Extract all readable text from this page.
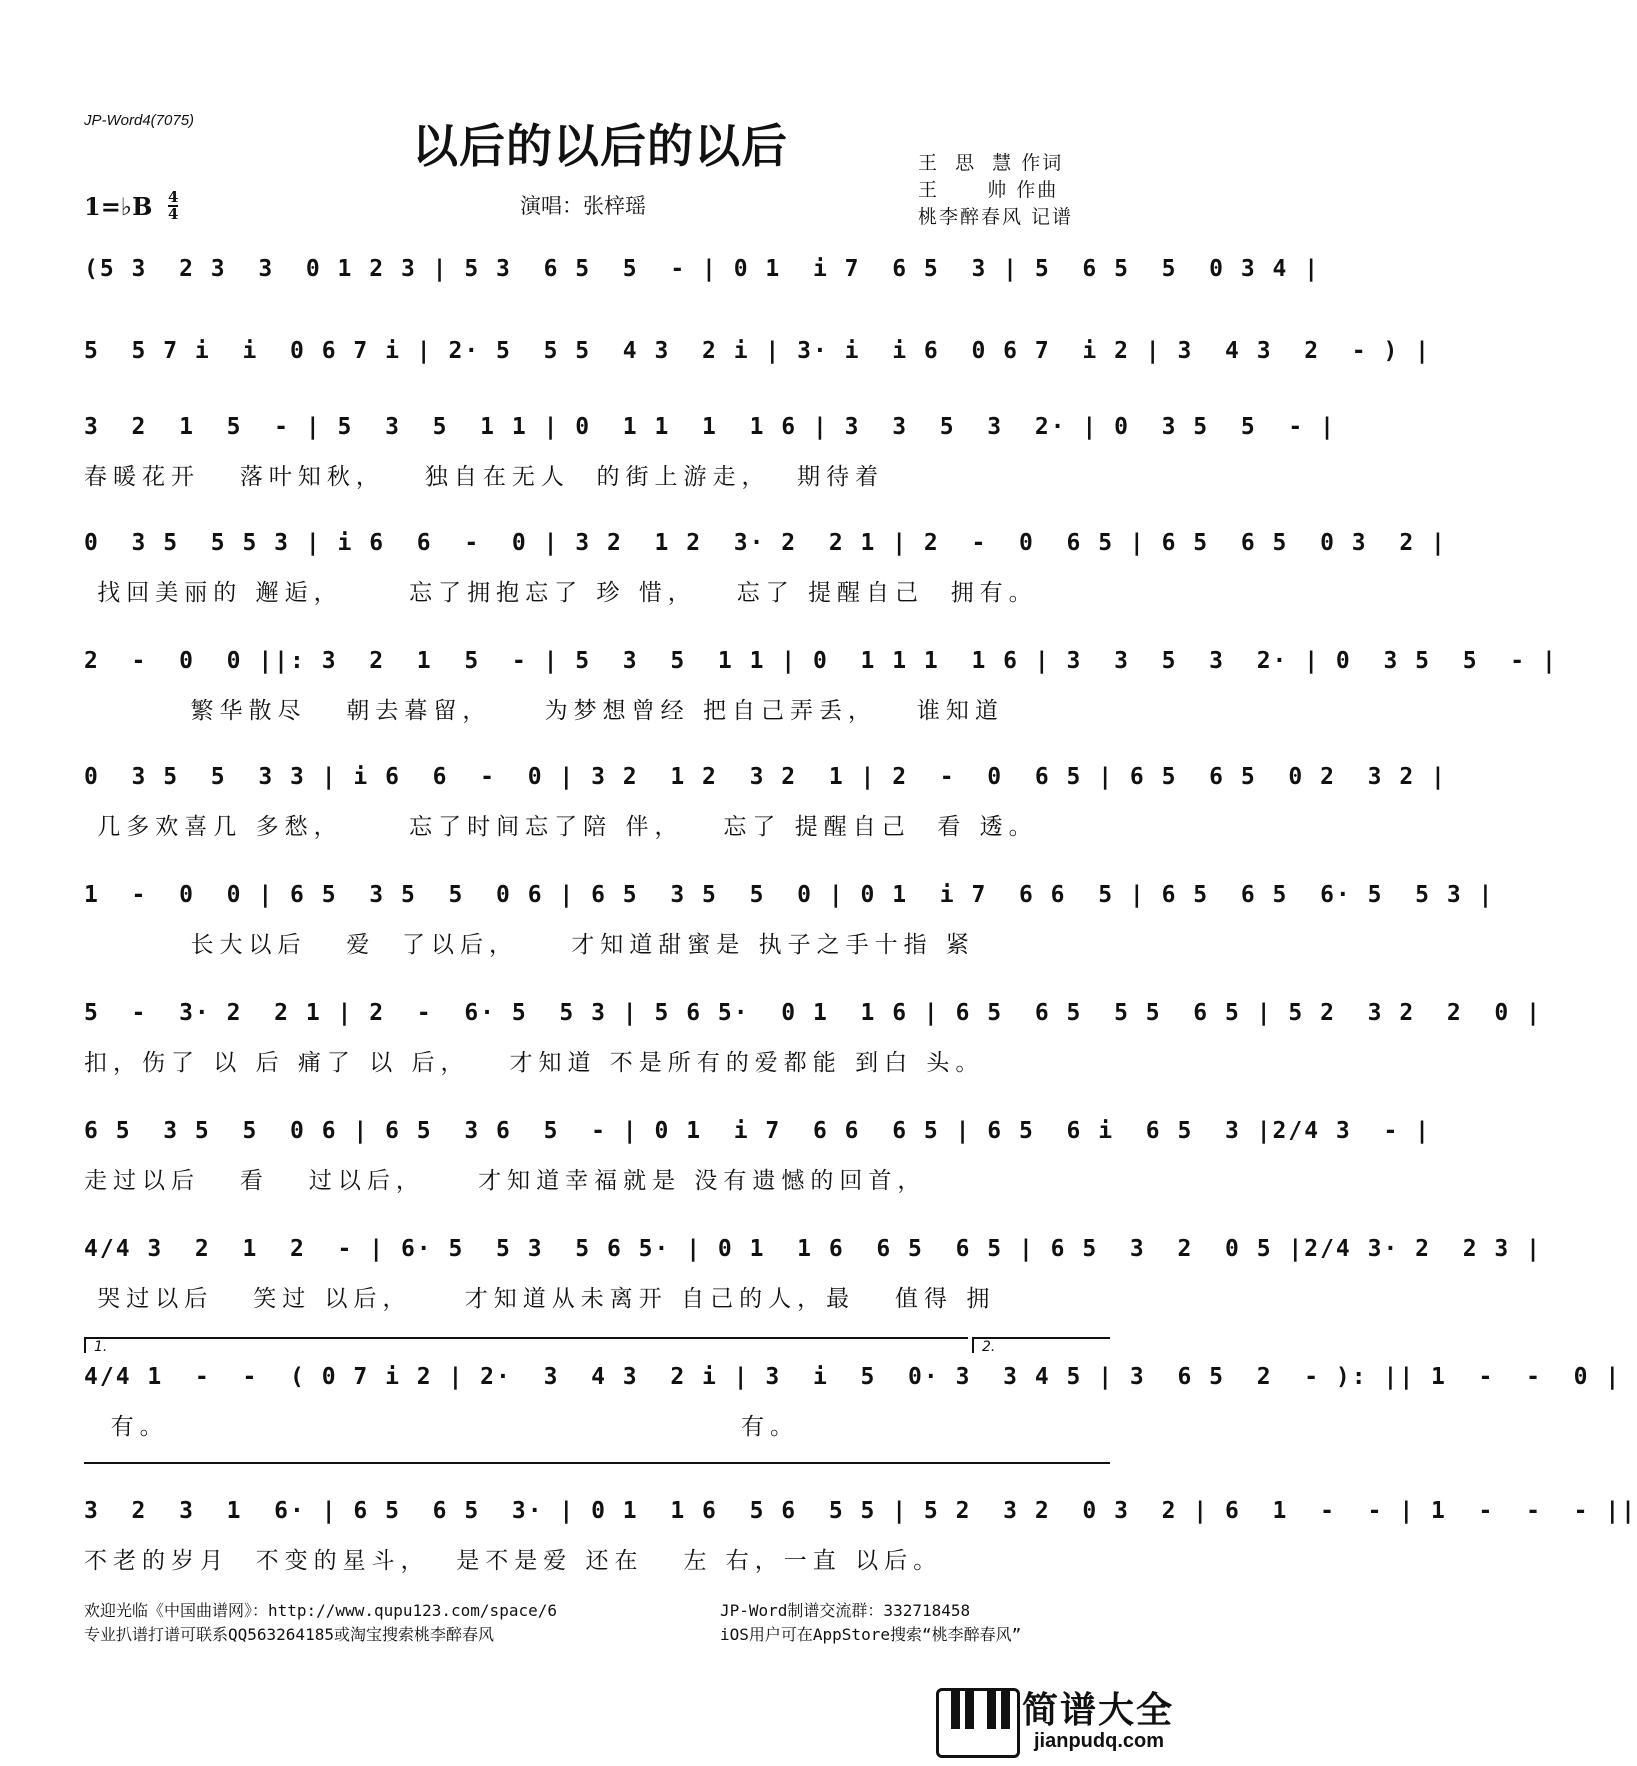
JP-Word4(7075)	以后的以后的以后
演唱：张梓瑶
王  思  慧 作词
王      帅 作曲
桃李醉春风 记谱
1=♭B 4
4
(5 3  2 3  3  0 1 2 3 | 5 3  6 5  5  - | 0 1  i 7  6 5  3 | 5  6 5  5  0 3 4 |
5  5 7 i  i  0 6 7 i | 2· 5  5 5  4 3  2 i | 3· i  i 6  0 6 7  i 2 | 3  4 3  2  - ) |
3  2  1  5  - | 5  3  5  1 1 | 0  1 1  1  1 6 | 3  3  5  3  2· | 0  3 5  5  - |
春暖花开   落叶知秋，   独自在无人  的街上游走，  期待着
0  3 5  5 5 3 | i 6  6  -  0 | 3 2  1 2  3· 2  2 1 | 2  -  0  6 5 | 6 5  6 5  0 3  2 |
找回美丽的 邂逅，     忘了拥抱忘了 珍 惜，   忘了 提醒自己  拥有。
2  -  0  0 ||: 3  2  1  5  - | 5  3  5  1 1 | 0  1 1 1  1 6 | 3  3  5  3  2· | 0  3 5  5  - |
繁华散尽   朝去暮留，    为梦想曾经 把自己弄丢，   谁知道
0  3 5  5  3 3 | i 6  6  -  0 | 3 2  1 2  3 2  1 | 2  -  0  6 5 | 6 5  6 5  0 2  3 2 |
几多欢喜几 多愁，     忘了时间忘了陪 伴，   忘了 提醒自己  看 透。
1  -  0  0 | 6 5  3 5  5  0 6 | 6 5  3 5  5  0 | 0 1  i 7  6 6  5 | 6 5  6 5  6· 5  5 3 |
长大以后   爱  了以后，    才知道甜蜜是 执子之手十指 紧
5  -  3· 2  2 1 | 2  -  6· 5  5 3 | 5 6 5·  0 1  1 6 | 6 5  6 5  5 5  6 5 | 5 2  3 2  2  0 |
扣，伤了 以 后 痛了 以 后，   才知道 不是所有的爱都能 到白 头。
6 5  3 5  5  0 6 | 6 5  3 6  5  - | 0 1  i 7  6 6  6 5 | 6 5  6 i  6 5  3 |2/4 3  - |
走过以后   看   过以后，    才知道幸福就是 没有遗憾的回首，
4/4 3  2  1  2  - | 6· 5  5 3  5 6 5· | 0 1  1 6  6 5  6 5 | 6 5  3  2  0 5 |2/4 3· 2  2 3 |
哭过以后   笑过 以后，    才知道从未离开 自己的人，最   值得 拥
1.	2.
4/4 1  -  -  ( 0 7 i 2 | 2·  3  4 3  2 i | 3  i  5  0· 3  3 4 5 | 3  6 5  2  - ): || 1  -  -  0 |
有。                                           有。
3  2  3  1  6· | 6 5  6 5  3· | 0 1  1 6  5 6  5 5 | 5 2  3 2  0 3  2 | 6  1  -  - | 1  -  -  - ||
不老的岁月  不变的星斗，  是不是爱 还在   左 右，一直 以后。
欢迎光临《中国曲谱网》：http://www.qupu123.com/space/6
专业扒谱打谱可联系QQ563264185或淘宝搜索桃李醉春风
JP-Word制谱交流群：332718458
iOS用户可在AppStore搜索“桃李醉春风”
简谱大全
jianpudq.com
